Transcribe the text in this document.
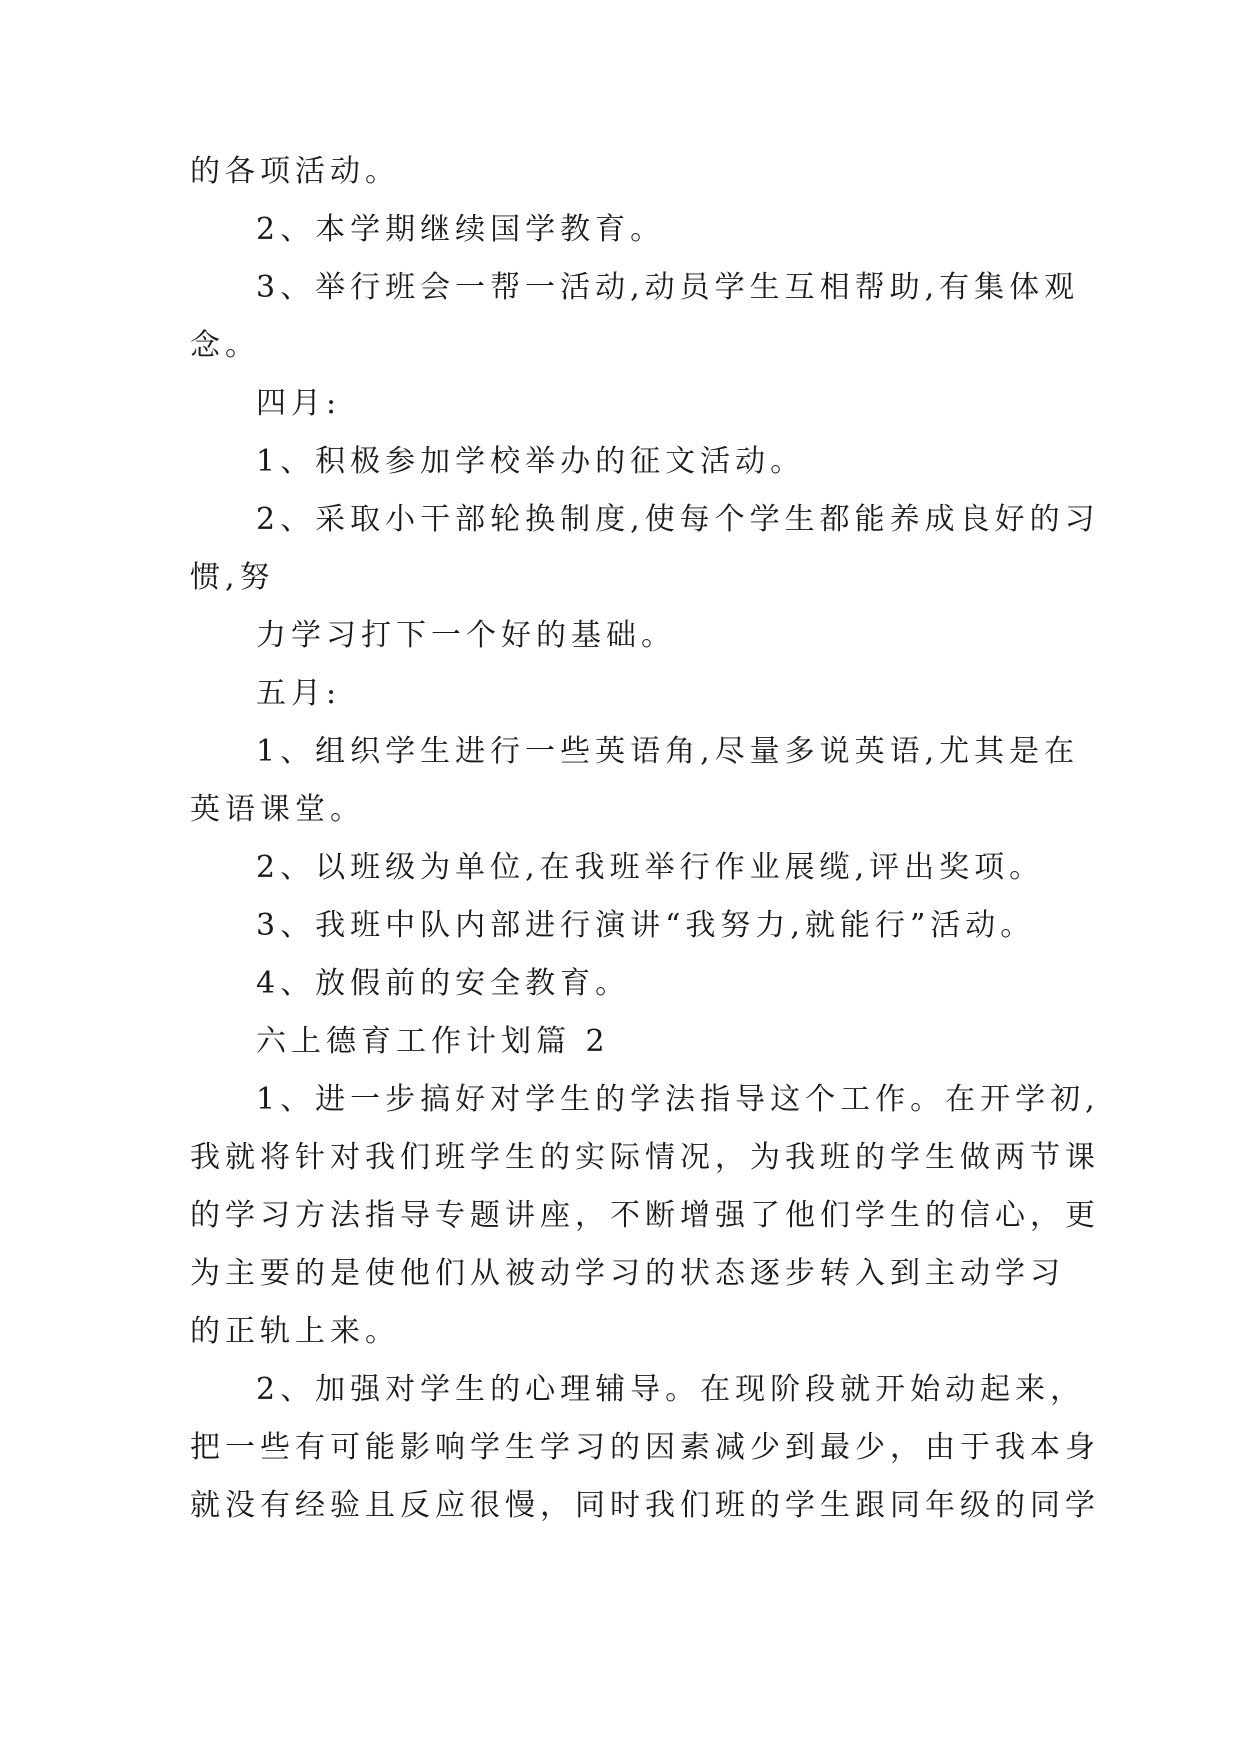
的各项活动。

2、本学期继续国学教育。

3、举行班会一帮一活动,动员学生互相帮助,有集体观

念。

四月:

1、积极参加学校举办的征文活动。

2、采取小干部轮换制度,使每个学生都能养成良好的习

惯,努

力学习打下一个好的基础。

五月:

1、组织学生进行一些英语角,尽量多说英语,尤其是在

英语课堂。

2、以班级为单位,在我班举行作业展缆,评出奖项。

3、我班中队内部进行演讲“我努力,就能行”活动。

4、放假前的安全教育。

六上德育工作计划篇 2

1、进一步搞好对学生的学法指导这个工作。在开学初,

我就将针对我们班学生的实际情况，为我班的学生做两节课

的学习方法指导专题讲座，不断增强了他们学生的信心，更

为主要的是使他们从被动学习的状态逐步转入到主动学习

的正轨上来。

2、加强对学生的心理辅导。在现阶段就开始动起来，

把一些有可能影响学生学习的因素减少到最少，由于我本身

就没有经验且反应很慢，同时我们班的学生跟同年级的同学
